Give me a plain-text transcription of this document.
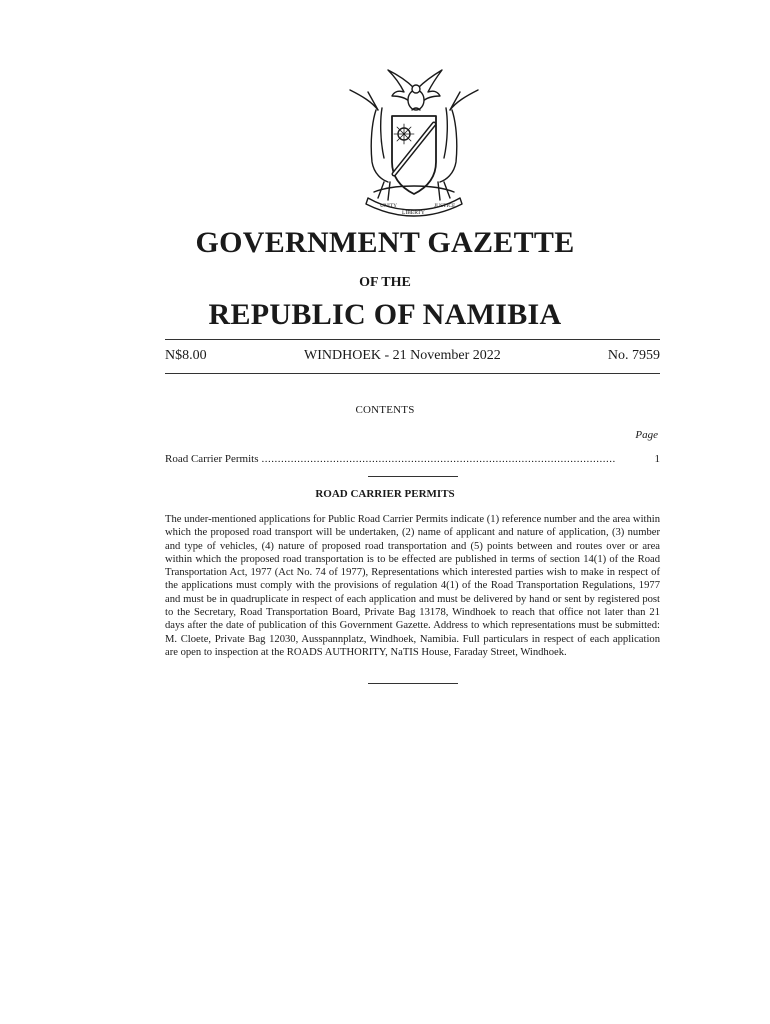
UNITY
LIBERTY
JUSTICE
GOVERNMENT GAZETTE
OF THE
REPUBLIC OF NAMIBIA
N$8.00	WINDHOEK - 21 November 2022	No. 7959
CONTENTS
Page
Road Carrier Permits
.....	1
ROAD CARRIER PERMITS

The under-mentioned applications for Public Road Carrier Permits indicate (1) reference number and the area within which the proposed road transport will be undertaken, (2) name of applicant and nature of application, (3) number and type of vehicles, (4) nature of proposed road transportation and (5) points between and routes over or area within which the proposed road transportation is to be effected are published in terms of section 14(1) of the Road Transportation Act, 1977 (Act No. 74 of 1977), Representations which interested parties wish to make in respect of the applications must comply with the provisions of regulation 4(1) of the Road Transportation Regulations, 1977 and must be in quadruplicate in respect of each application and must be delivered by hand or sent by registered post to the Secretary, Road Transportation Board, Private Bag 13178, Windhoek to reach that office not later than 21 days after the date of publication of this Government Gazette. Address to which representations must be submitted: M. Cloete, Private Bag 12030, Ausspannplatz, Windhoek, Namibia. Full particulars in respect of each application are open to inspection at the ROADS AUTHORITY, NaTIS House, Faraday Street, Windhoek.
